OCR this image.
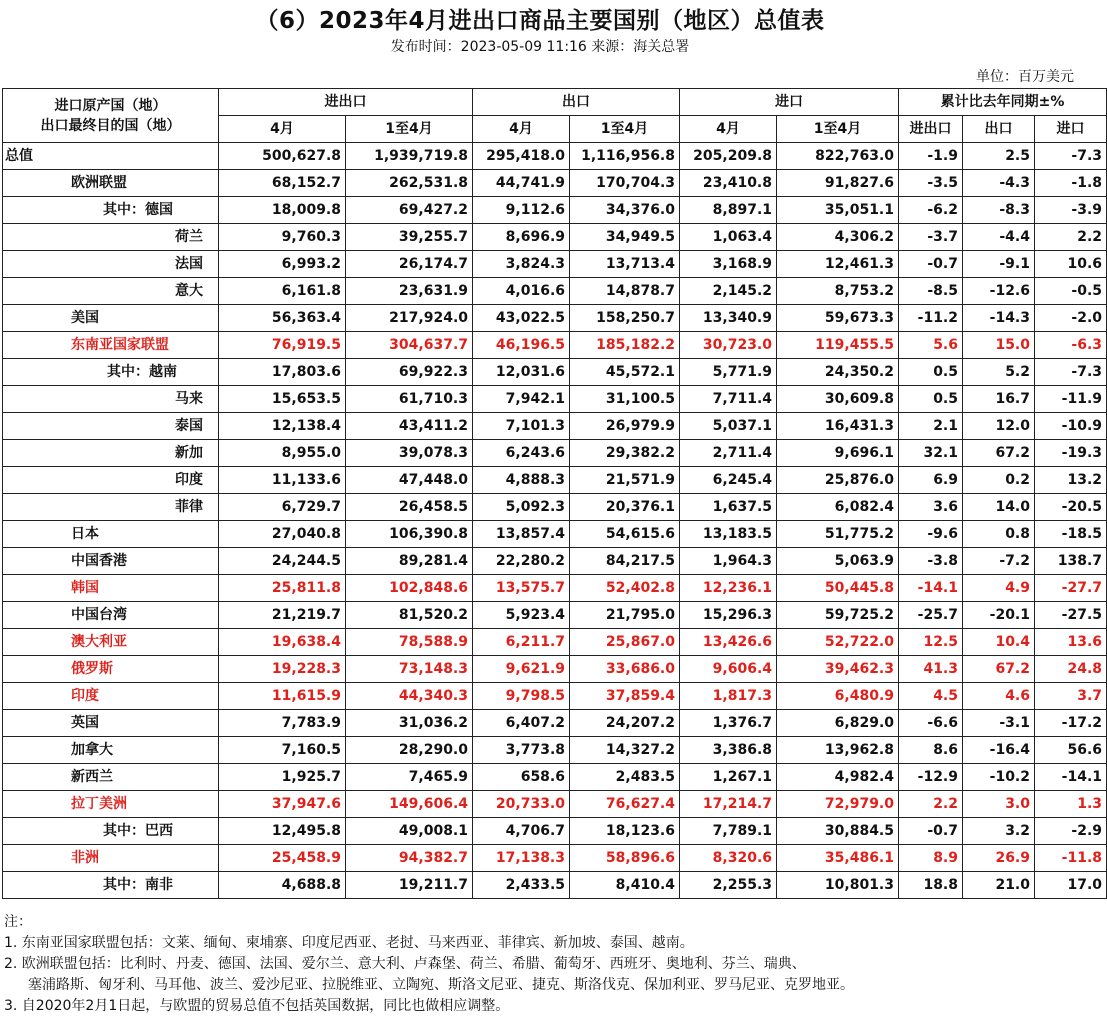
（6）2023年4月进出口商品主要国别（地区）总值表
发布时间：2023-05-09 11:16 来源：海关总署
单位：百万美元
进口原产国（地）
出口最终目的国（地）	进出口		出口		进口		累计比去年同期±%		
	4月	1至4月	4月	1至4月	4月	1至4月	进出口	出口	进口
总值	500,627.8	1,939,719.8	295,418.0	1,116,956.8	205,209.8	822,763.0	-1.9	2.5	-7.3
欧洲联盟	68,152.7	262,531.8	44,741.9	170,704.3	23,410.8	91,827.6	-3.5	-4.3	-1.8
其中：德国	18,009.8	69,427.2	9,112.6	34,376.0	8,897.1	35,051.1	-6.2	-8.3	-3.9
荷兰	9,760.3	39,255.7	8,696.9	34,949.5	1,063.4	4,306.2	-3.7	-4.4	2.2
法国	6,993.2	26,174.7	3,824.3	13,713.4	3,168.9	12,461.3	-0.7	-9.1	10.6
意大	6,161.8	23,631.9	4,016.6	14,878.7	2,145.2	8,753.2	-8.5	-12.6	-0.5
美国	56,363.4	217,924.0	43,022.5	158,250.7	13,340.9	59,673.3	-11.2	-14.3	-2.0
东南亚国家联盟	76,919.5	304,637.7	46,196.5	185,182.2	30,723.0	119,455.5	5.6	15.0	-6.3
其中：越南	17,803.6	69,922.3	12,031.6	45,572.1	5,771.9	24,350.2	0.5	5.2	-7.3
马来	15,653.5	61,710.3	7,942.1	31,100.5	7,711.4	30,609.8	0.5	16.7	-11.9
泰国	12,138.4	43,411.2	7,101.3	26,979.9	5,037.1	16,431.3	2.1	12.0	-10.9
新加	8,955.0	39,078.3	6,243.6	29,382.2	2,711.4	9,696.1	32.1	67.2	-19.3
印度	11,133.6	47,448.0	4,888.3	21,571.9	6,245.4	25,876.0	6.9	0.2	13.2
菲律	6,729.7	26,458.5	5,092.3	20,376.1	1,637.5	6,082.4	3.6	14.0	-20.5
日本	27,040.8	106,390.8	13,857.4	54,615.6	13,183.5	51,775.2	-9.6	0.8	-18.5
中国香港	24,244.5	89,281.4	22,280.2	84,217.5	1,964.3	5,063.9	-3.8	-7.2	138.7
韩国	25,811.8	102,848.6	13,575.7	52,402.8	12,236.1	50,445.8	-14.1	4.9	-27.7
中国台湾	21,219.7	81,520.2	5,923.4	21,795.0	15,296.3	59,725.2	-25.7	-20.1	-27.5
澳大利亚	19,638.4	78,588.9	6,211.7	25,867.0	13,426.6	52,722.0	12.5	10.4	13.6
俄罗斯	19,228.3	73,148.3	9,621.9	33,686.0	9,606.4	39,462.3	41.3	67.2	24.8
印度	11,615.9	44,340.3	9,798.5	37,859.4	1,817.3	6,480.9	4.5	4.6	3.7
英国	7,783.9	31,036.2	6,407.2	24,207.2	1,376.7	6,829.0	-6.6	-3.1	-17.2
加拿大	7,160.5	28,290.0	3,773.8	14,327.2	3,386.8	13,962.8	8.6	-16.4	56.6
新西兰	1,925.7	7,465.9	658.6	2,483.5	1,267.1	4,982.4	-12.9	-10.2	-14.1
拉丁美洲	37,947.6	149,606.4	20,733.0	76,627.4	17,214.7	72,979.0	2.2	3.0	1.3
其中：巴西	12,495.8	49,008.1	4,706.7	18,123.6	7,789.1	30,884.5	-0.7	3.2	-2.9
非洲	25,458.9	94,382.7	17,138.3	58,896.6	8,320.6	35,486.1	8.9	26.9	-11.8
其中：南非	4,688.8	19,211.7	2,433.5	8,410.4	2,255.3	10,801.3	18.8	21.0	17.0
注：
1. 东南亚国家联盟包括：文莱、缅甸、柬埔寨、印度尼西亚、老挝、马来西亚、菲律宾、新加坡、泰国、越南。
2. 欧洲联盟包括：比利时、丹麦、德国、法国、爱尔兰、意大利、卢森堡、荷兰、希腊、葡萄牙、西班牙、奥地利、芬兰、瑞典、
塞浦路斯、匈牙利、马耳他、波兰、爱沙尼亚、拉脱维亚、立陶宛、斯洛文尼亚、捷克、斯洛伐克、保加利亚、罗马尼亚、克罗地亚。
3. 自2020年2月1日起，与欧盟的贸易总值不包括英国数据，同比也做相应调整。
